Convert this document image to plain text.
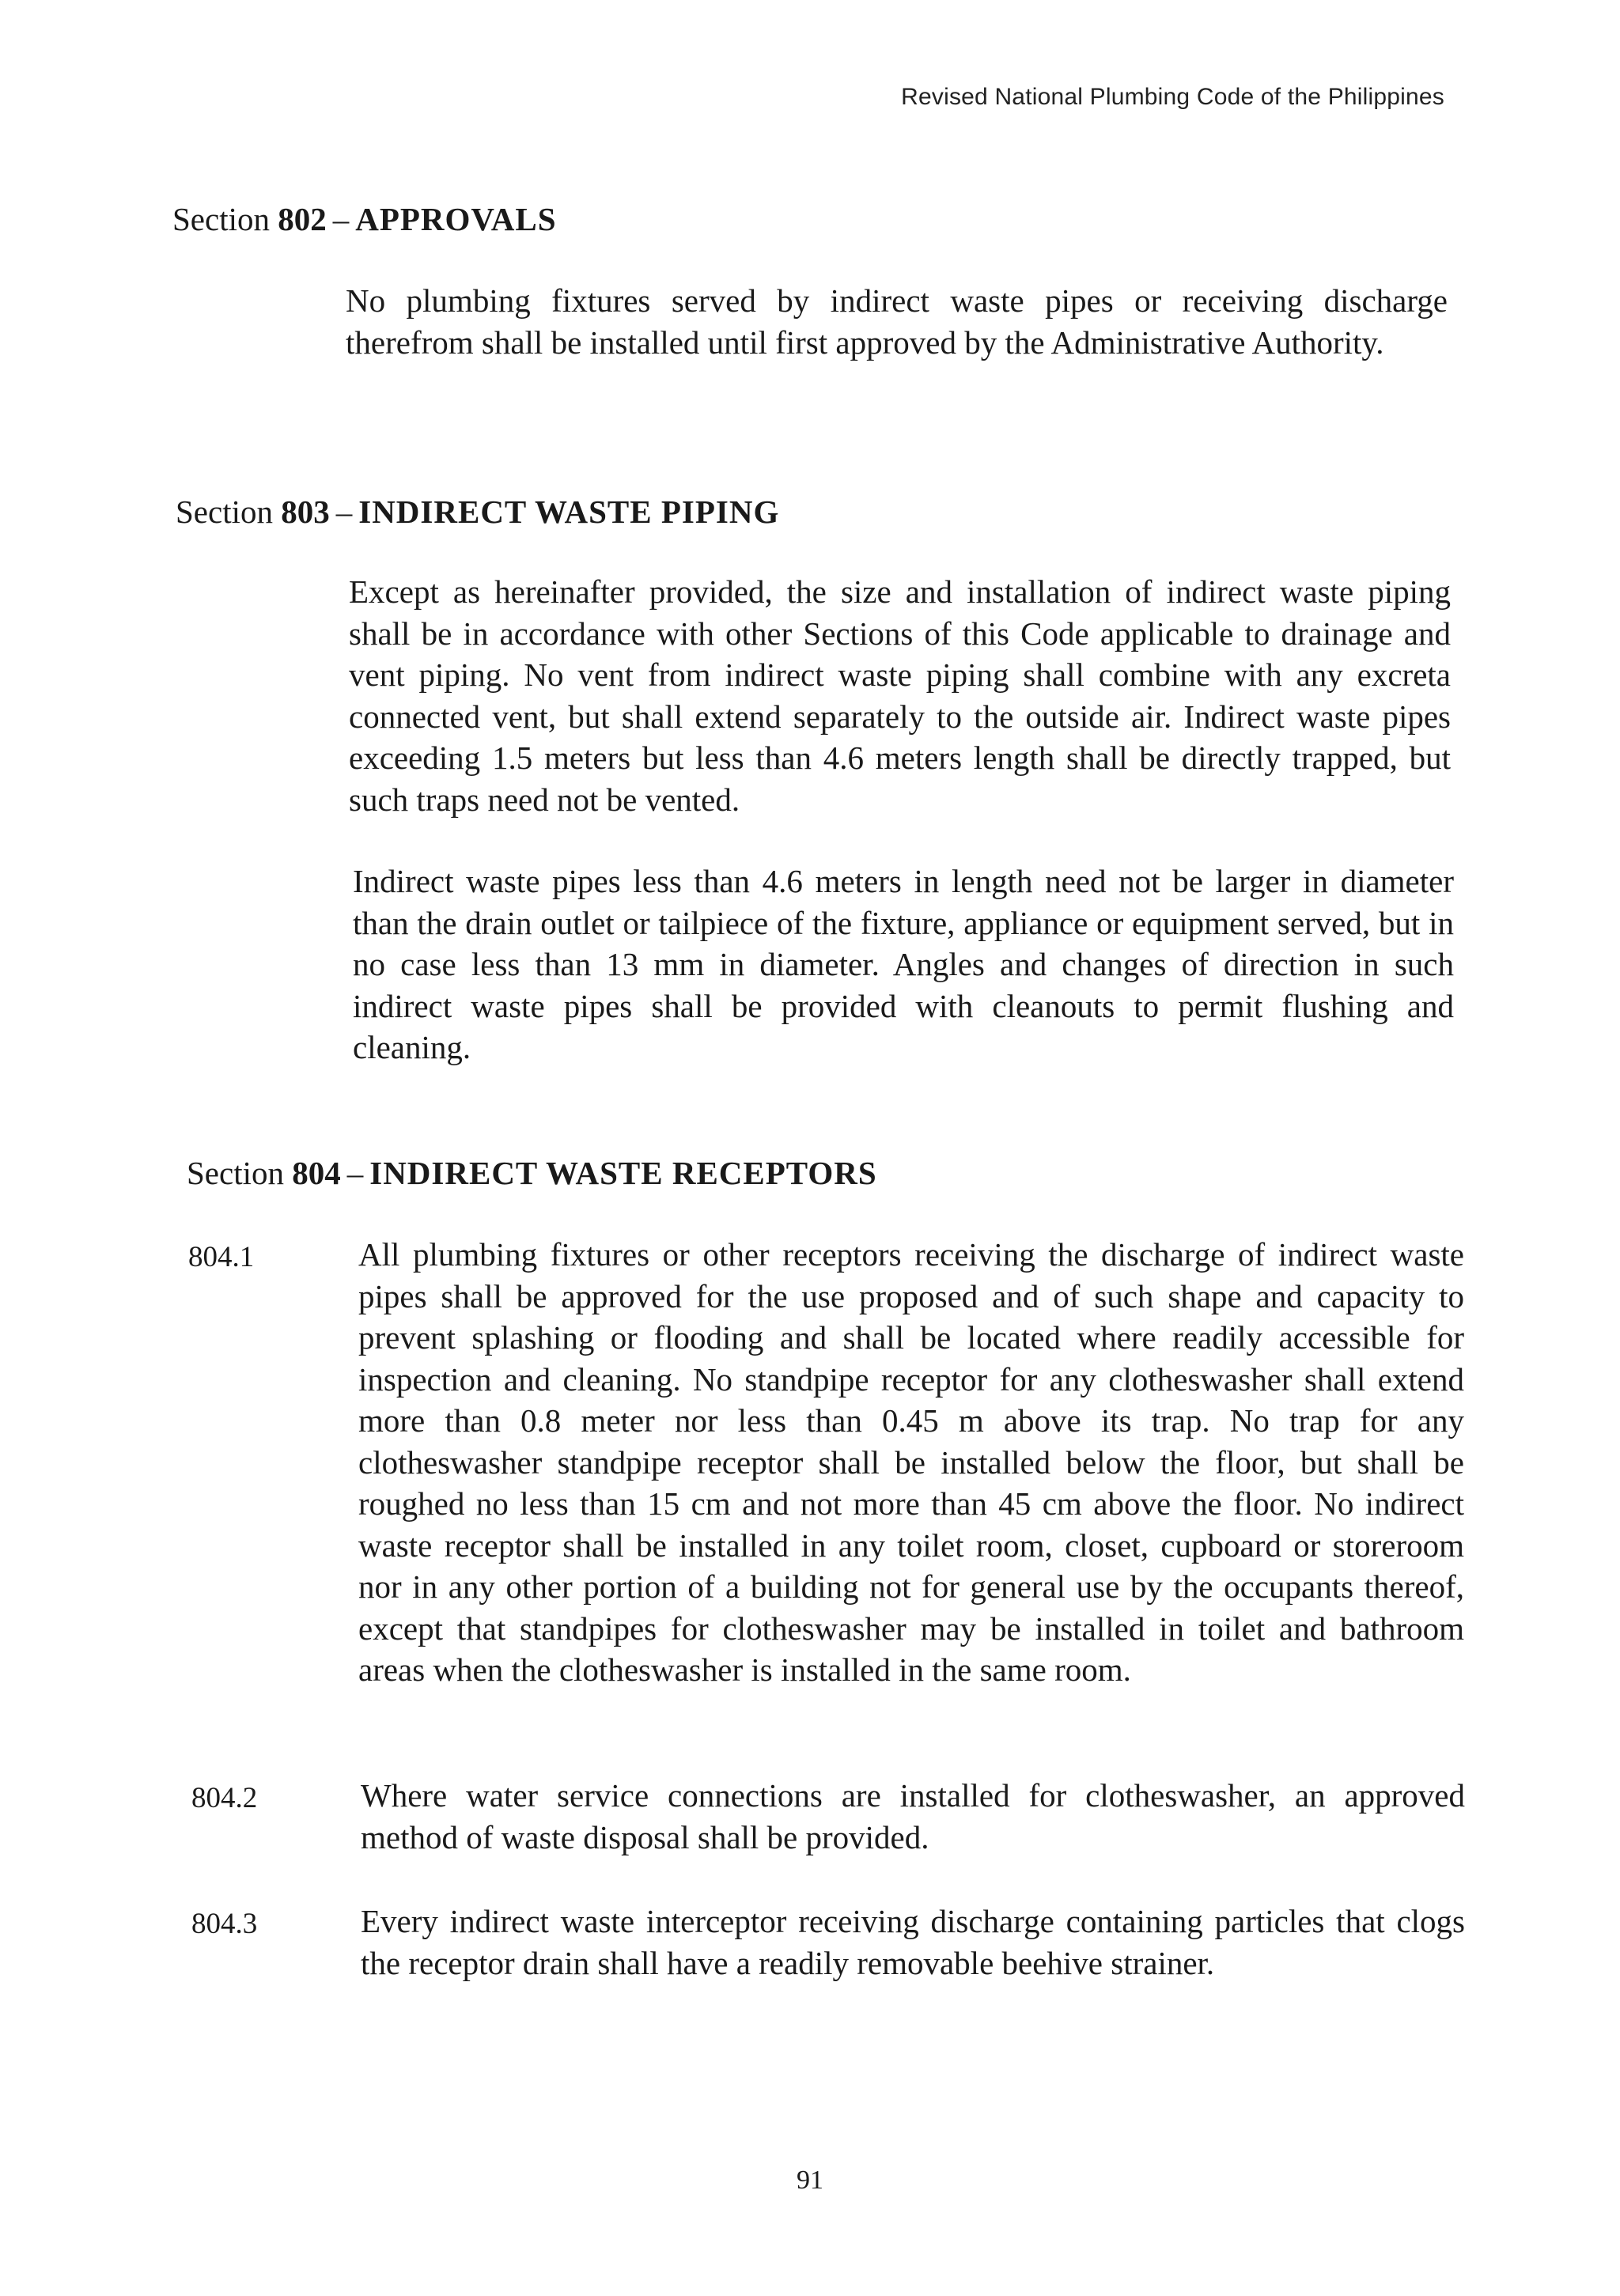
Revised National Plumbing Code of the Philippines
Section 802 – APPROVALS
No plumbing fixtures served by indirect waste pipes or receiving discharge therefrom shall be installed until first approved by the Administrative Authority.
Section 803 – INDIRECT WASTE PIPING
Except as hereinafter provided, the size and installation of indirect waste piping shall be in accordance with other Sections of this Code applicable to drainage and vent piping. No vent from indirect waste piping shall combine with any excreta connected vent, but shall extend separately to the outside air. Indirect waste pipes exceeding 1.5 meters but less than 4.6 meters length shall be directly trapped, but such traps need not be vented.
Indirect waste pipes less than 4.6 meters in length need not be larger in diameter than the drain outlet or tailpiece of the fixture, appliance or equipment served, but in no case less than 13 mm in diameter. Angles and changes of direction in such indirect waste pipes shall be provided with cleanouts to permit flushing and cleaning.
Section 804 – INDIRECT WASTE RECEPTORS
804.1	All plumbing fixtures or other receptors receiving the discharge of indirect waste pipes shall be approved for the use proposed and of such shape and capacity to prevent splashing or flooding and shall be located where readily accessible for inspection and cleaning. No standpipe receptor for any clotheswasher shall extend more than 0.8 meter nor less than 0.45 m above its trap. No trap for any clotheswasher standpipe receptor shall be installed below the floor, but shall be roughed no less than 15 cm and not more than 45 cm above the floor. No indirect waste receptor shall be installed in any toilet room, closet, cupboard or storeroom nor in any other portion of a building not for general use by the occupants thereof, except that standpipes for clotheswasher may be installed in toilet and bathroom areas when the clotheswasher is installed in the same room.
804.2	Where water service connections are installed for clotheswasher, an approved method of waste disposal shall be provided.
804.3	Every indirect waste interceptor receiving discharge containing particles that clogs the receptor drain shall have a readily removable beehive strainer.
91
